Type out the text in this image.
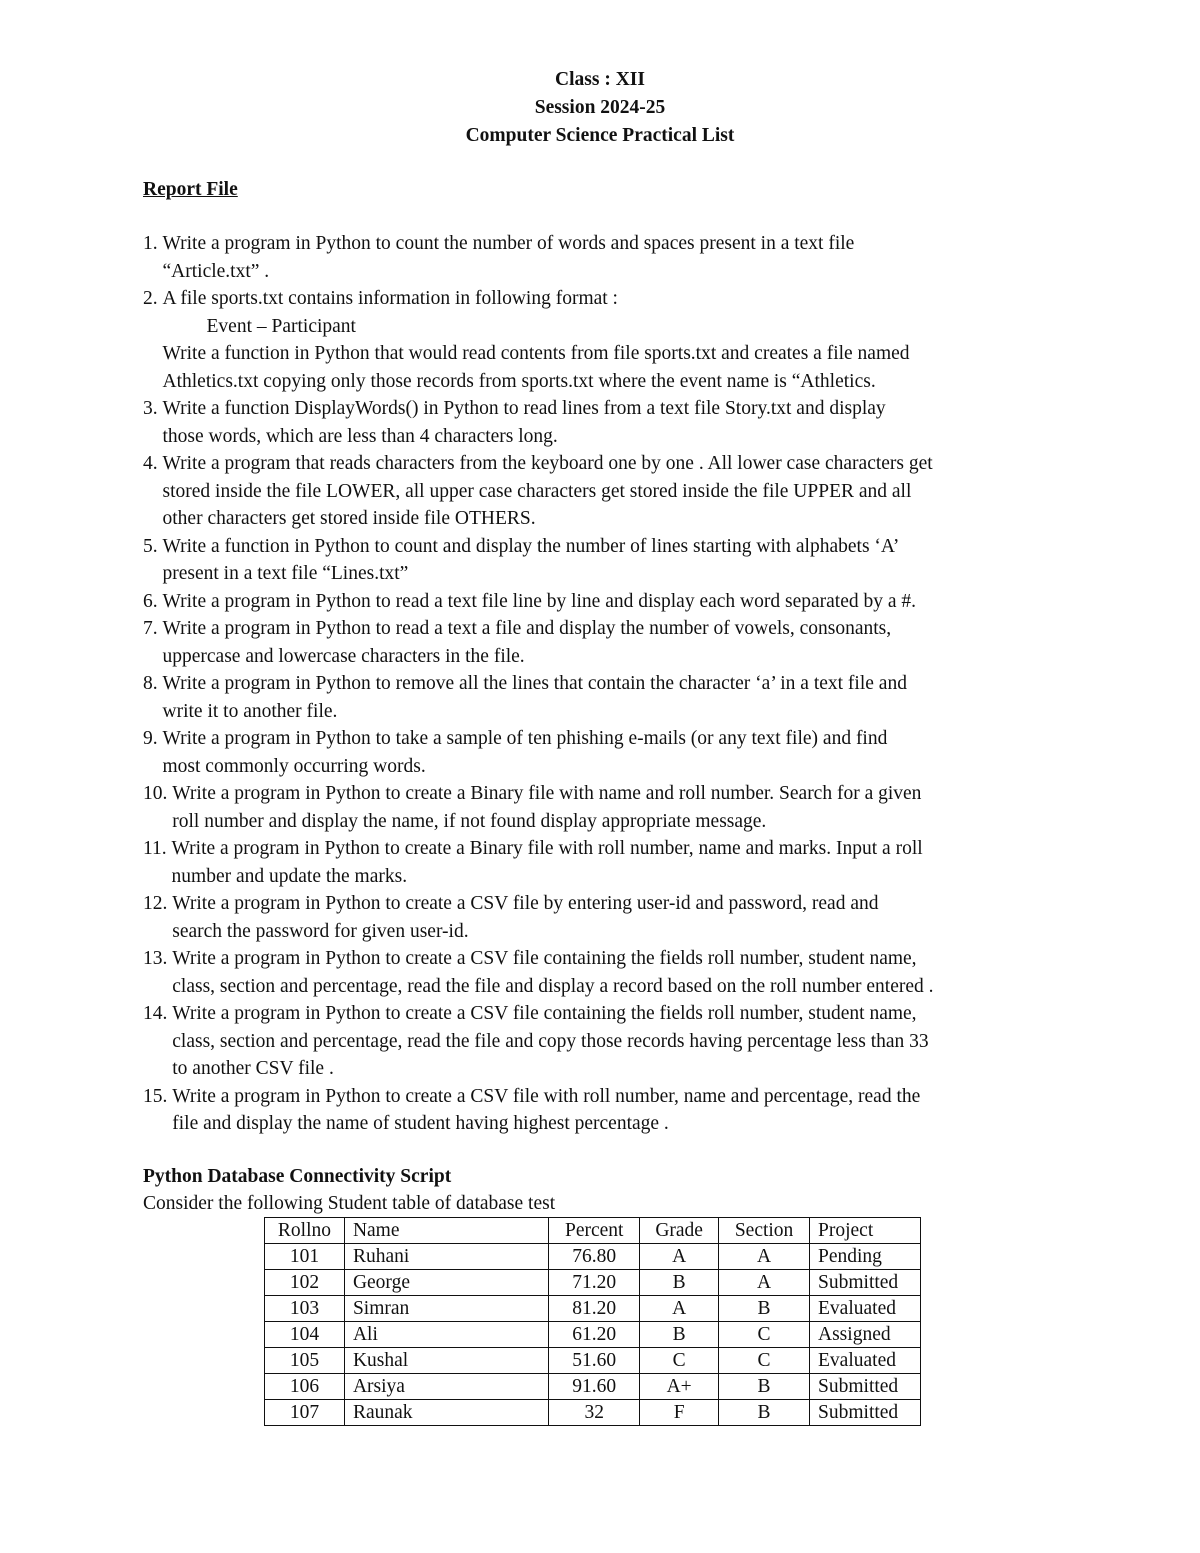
Class : XII
Session 2024-25
Computer Science Practical List
Report File
1. Write a program in Python to count the number of words and spaces present in a text file
“Article.txt” .
2. A file sports.txt contains information in following format :
Event – Participant
Write a function in Python that would read contents from file sports.txt and creates a file named
Athletics.txt copying only those records from sports.txt where the event name is “Athletics.
3. Write a function DisplayWords() in Python to read lines from a text file Story.txt and display
those words, which are less than 4 characters long.
4. Write a program that reads characters from the keyboard one by one . All lower case characters get
stored inside the file LOWER, all upper case characters get stored inside the file UPPER and all
other characters get stored inside file OTHERS.
5. Write a function in Python to count and display the number of lines starting with alphabets ‘A’
present in a text file “Lines.txt”
6. Write a program in Python to read a text file line by line and display each word separated by a #.
7. Write a program in Python to read a text a file and display the number of vowels, consonants,
uppercase and lowercase characters in the file.
8. Write a program in Python to remove all the lines that contain the character ‘a’ in a text file and
write it to another file.
9. Write a program in Python to take a sample of ten phishing e-mails (or any text file) and find
most commonly occurring words.
10. Write a program in Python to create a Binary file with name and roll number. Search for a given
roll number and display the name, if not found display appropriate message.
11. Write a program in Python to create a Binary file with roll number, name and marks. Input a roll
number and update the marks.
12. Write a program in Python to create a CSV file by entering user-id and password, read and
search the password for given user-id.
13. Write a program in Python to create a CSV file containing the fields roll number, student name,
class, section and percentage, read the file and display a record based on the roll number entered .
14. Write a program in Python to create a CSV file containing the fields roll number, student name,
class, section and percentage, read the file and copy those records having percentage less than 33
to another CSV file .
15. Write a program in Python to create a CSV file with roll number, name and percentage, read the
file and display the name of student having highest percentage .
Python Database Connectivity Script
Consider the following Student table of database test
Rollno	Name	Percent	Grade	Section	Project
101	Ruhani	76.80	A	A	Pending
102	George	71.20	B	A	Submitted
103	Simran	81.20	A	B	Evaluated
104	Ali	61.20	B	C	Assigned
105	Kushal	51.60	C	C	Evaluated
106	Arsiya	91.60	A+	B	Submitted
107	Raunak	32	F	B	Submitted
